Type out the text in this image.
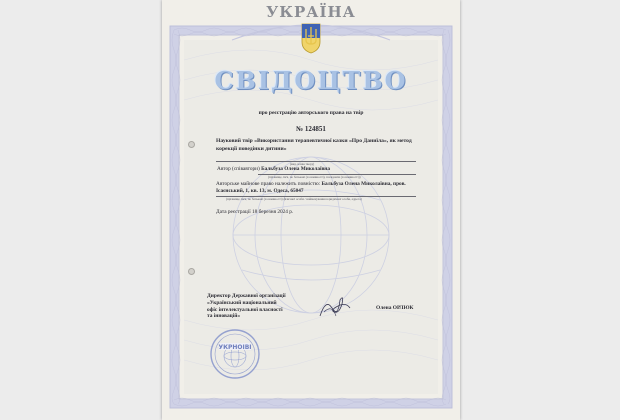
УКРАЇНА
СВІДОЦТВО
про реєстрацію авторського права на твір
№ 124851
Науковий твір «Використання терапевтичної казки «Про Даниїла», як метод
корекції поведінки дитини»
(вид, назва твору)
Автор (співавтори) Бальбуза Олена Миколаївна
(прізвище, ім'я, по батькові (за наявності), псевдонім (за наявності))
Авторське майнове право належить повністю: Бальбуза Олена Миколаївна, пров.
Ісаєнський, 1, кв. 13, м. Одеса, 65047
(прізвище, ім'я, по батькові (за наявності) фізичної особи / найменування юридичної особи, адреса)
Дата реєстрації 18 березня 2024 р.
Директор Державної організації
«Український національний
офіс інтелектуальної власності
та інновацій»
Олена ОРЛЮК
УКРНОІВІ
